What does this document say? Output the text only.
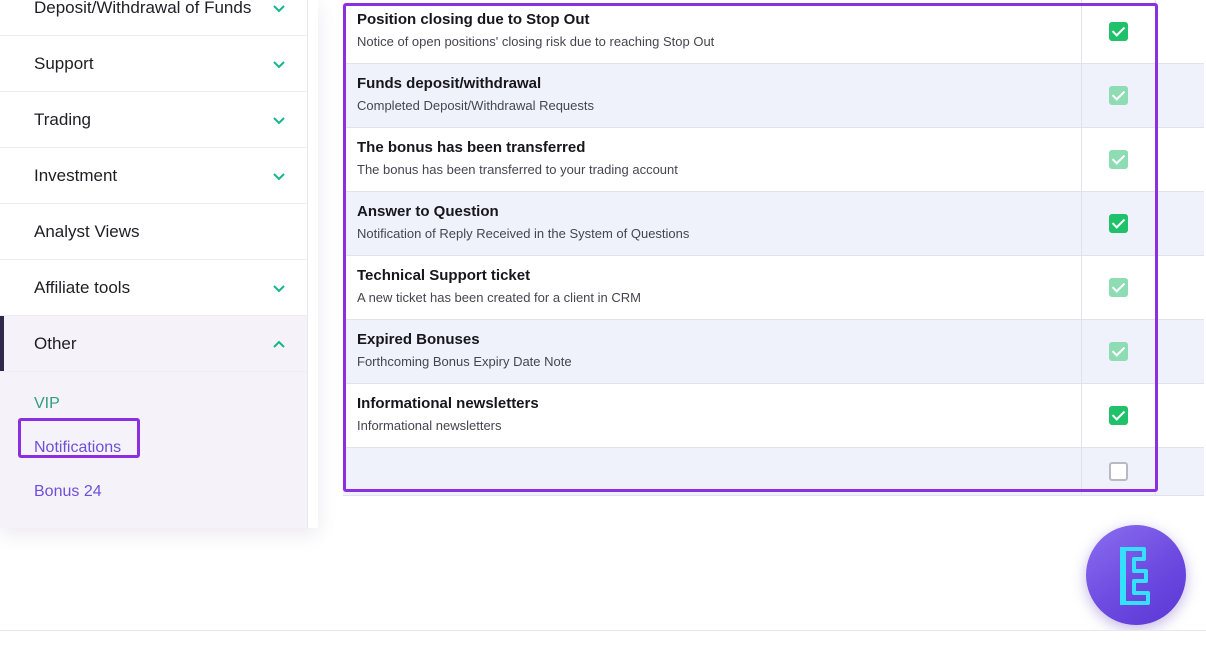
Deposit/Withdrawal of Funds
Support
Trading
Investment
Analyst Views
Affiliate tools
Other
VIP
Notifications
Bonus 24
Position closing due to Stop Out
Notice of open positions' closing risk due to reaching Stop Out		

Funds deposit/withdrawal
Completed Deposit/Withdrawal Requests		

The bonus has been transferred
The bonus has been transferred to your trading account		

Answer to Question
Notification of Reply Received in the System of Questions		

Technical Support ticket
A new ticket has been created for a client in CRM		

Expired Bonuses
Forthcoming Bonus Expiry Date Note		

Informational newsletters
Informational newsletters		
